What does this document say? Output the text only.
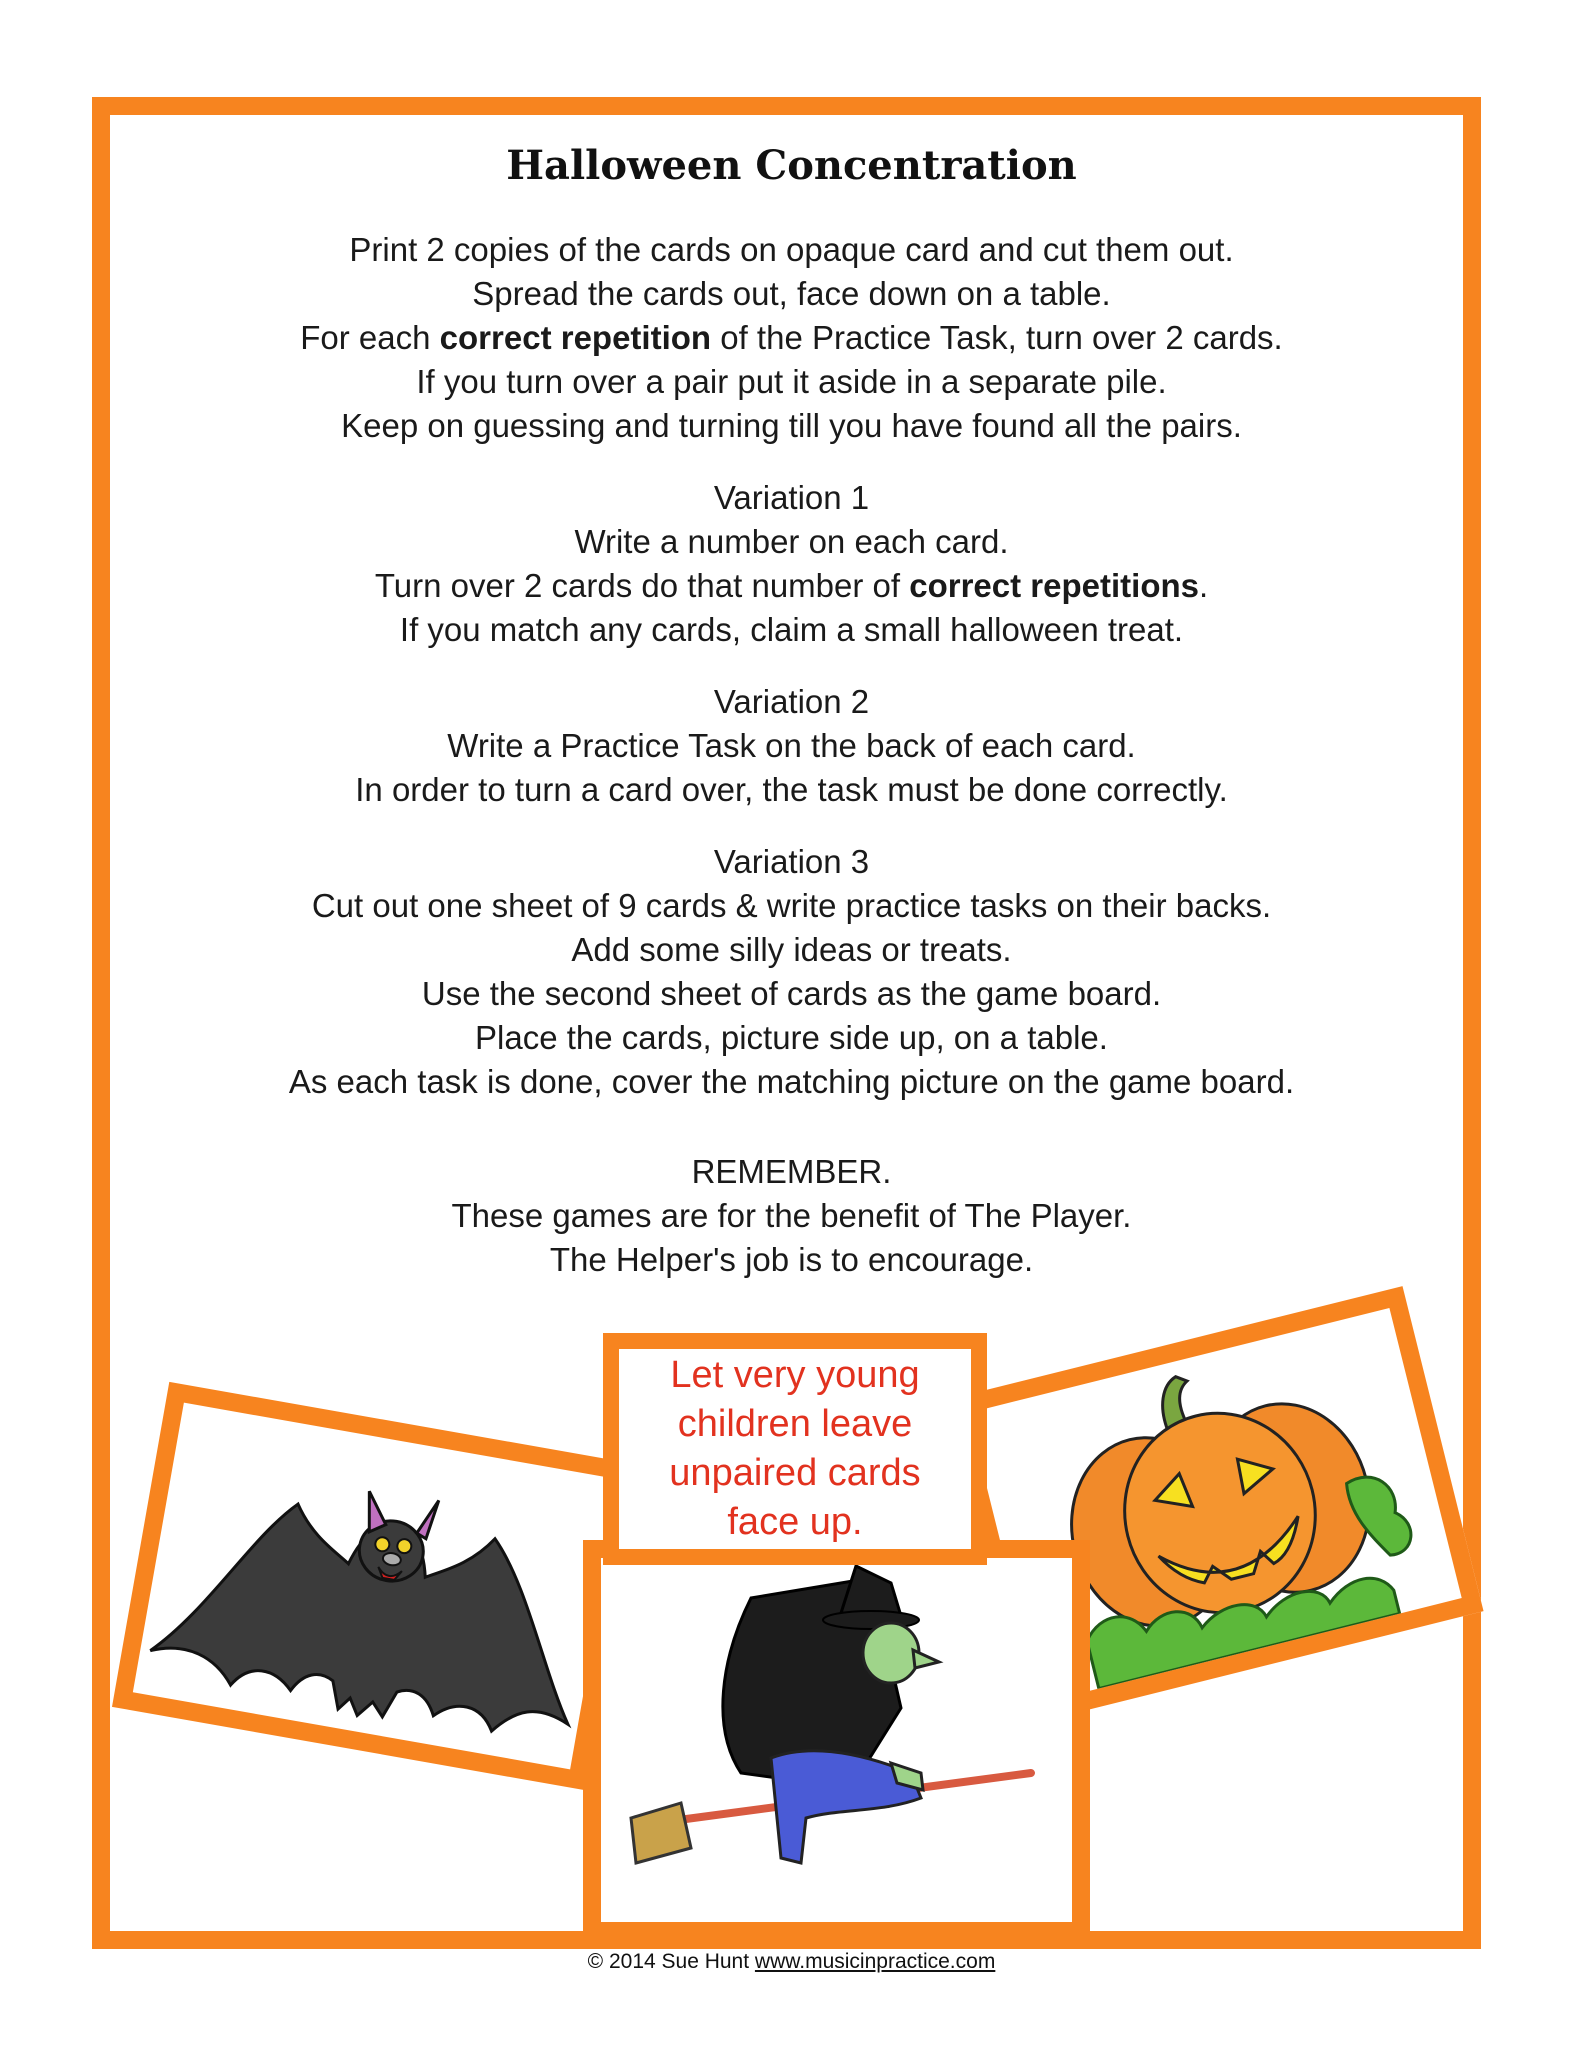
Halloween Concentration

Print 2 copies of the cards on opaque card and cut them out.

Spread the cards out, face down on a table.

For each correct repetition of the Practice Task, turn over 2 cards.

If you turn over a pair put it aside in a separate pile.

Keep on guessing and turning till you have found all the pairs.

Variation 1

Write a number on each card.

Turn over 2 cards do that number of correct repetitions.

If you match any cards, claim a small halloween treat.

Variation 2

Write a Practice Task on the back of each card.

In order to turn a card over, the task must be done correctly.

Variation 3

Cut out one sheet of 9 cards & write practice tasks on their backs.

Add some silly ideas or treats.

Use the second sheet of cards as the game board.

Place the cards, picture side up, on a table.

As each task is done, cover the matching picture on the game board.

REMEMBER.

These games are for the benefit of The Player.

The Helper's job is to encourage.

Let very young

children leave

unpaired cards

face up.

© 2014 Sue Hunt www.musicinpractice.com
